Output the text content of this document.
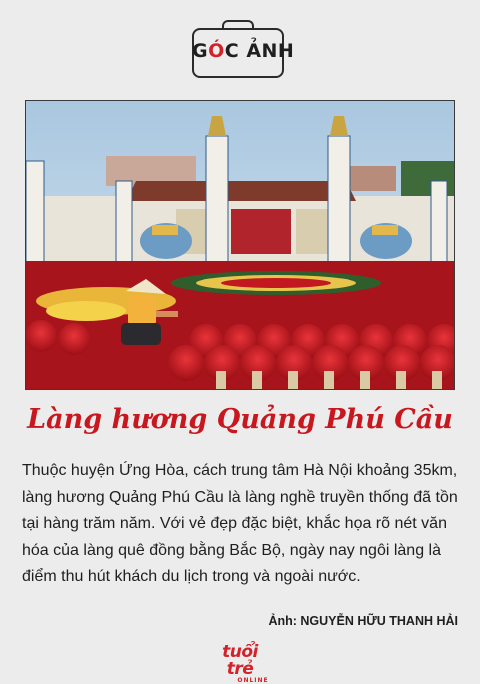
GÓC ẢNH
Làng hương Quảng Phú Cầu
Thuộc huyện Ứng Hòa, cách trung tâm Hà Nội khoảng 35km, làng hương Quảng Phú Cầu là làng nghề truyền thống đã tồn tại hàng trăm năm. Với vẻ đẹp đặc biệt, khắc họa rõ nét văn hóa của làng quê đồng bằng Bắc Bộ, ngày nay ngôi làng là điểm thu hút khách du lịch trong và ngoài nước.
Ảnh: NGUYỄN HỮU THANH HẢI
tuổi trẻ
ONLINE
